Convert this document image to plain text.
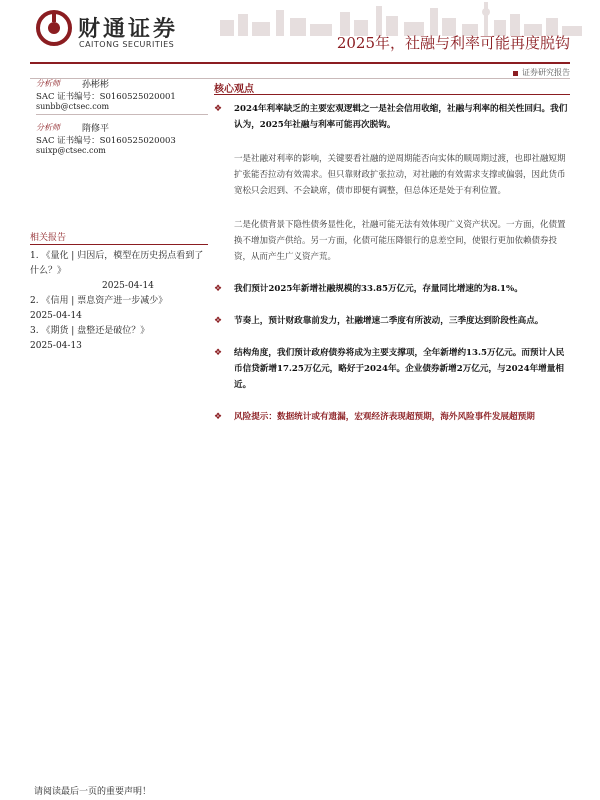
财通证券
CAITONG SECURITIES	2025年，社融与利率可能再度脱钩
证券研究报告
分析师 孙彬彬
SAC 证书编号：S0160525020001
sunbb@ctsec.com
分析师 隋修平
SAC 证书编号：S0160525020003
suixp@ctsec.com
相关报告
1. 《量化 | 归因后，模型在历史拐点看到了什么？》
2025-04-14
2. 《信用 | 票息资产进一步减少》
2025-04-14
3. 《期货 | 盘整还是破位？》
2025-04-13
核心观点
❖ 2024年利率缺乏的主要宏观逻辑之一是社会信用收缩，社融与利率的相关性回归。我们认为，2025年社融与利率可能再次脱钩。
一是社融对利率的影响，关键要看社融的逆周期能否向实体的顺周期过渡，也即社融短期扩张能否拉动有效需求。但只靠财政扩张拉动，对社融的有效需求支撑或偏弱，因此货币宽松只会迟到、不会缺席，债市即便有调整，但总体还是处于有利位置。
二是化债背景下隐性债务显性化，社融可能无法有效体现广义资产状况。一方面，化债置换不增加资产供给。另一方面，化债可能压降银行的息差空间，使银行更加依赖债券投资，从而产生广义资产荒。
❖ 我们预计2025年新增社融规模的33.85万亿元，存量同比增速的为8.1%。
❖ 节奏上，预计财政靠前发力，社融增速二季度有所波动，三季度达到阶段性高点。
❖ 结构角度，我们预计政府债券将成为主要支撑项，全年新增约13.5万亿元。而预计人民币信贷新增17.25万亿元，略好于2024年。企业债券新增2万亿元，与2024年增量相近。
❖ 风险提示：数据统计或有遗漏，宏观经济表现超预期，海外风险事件发展超预期
请阅读最后一页的重要声明！
